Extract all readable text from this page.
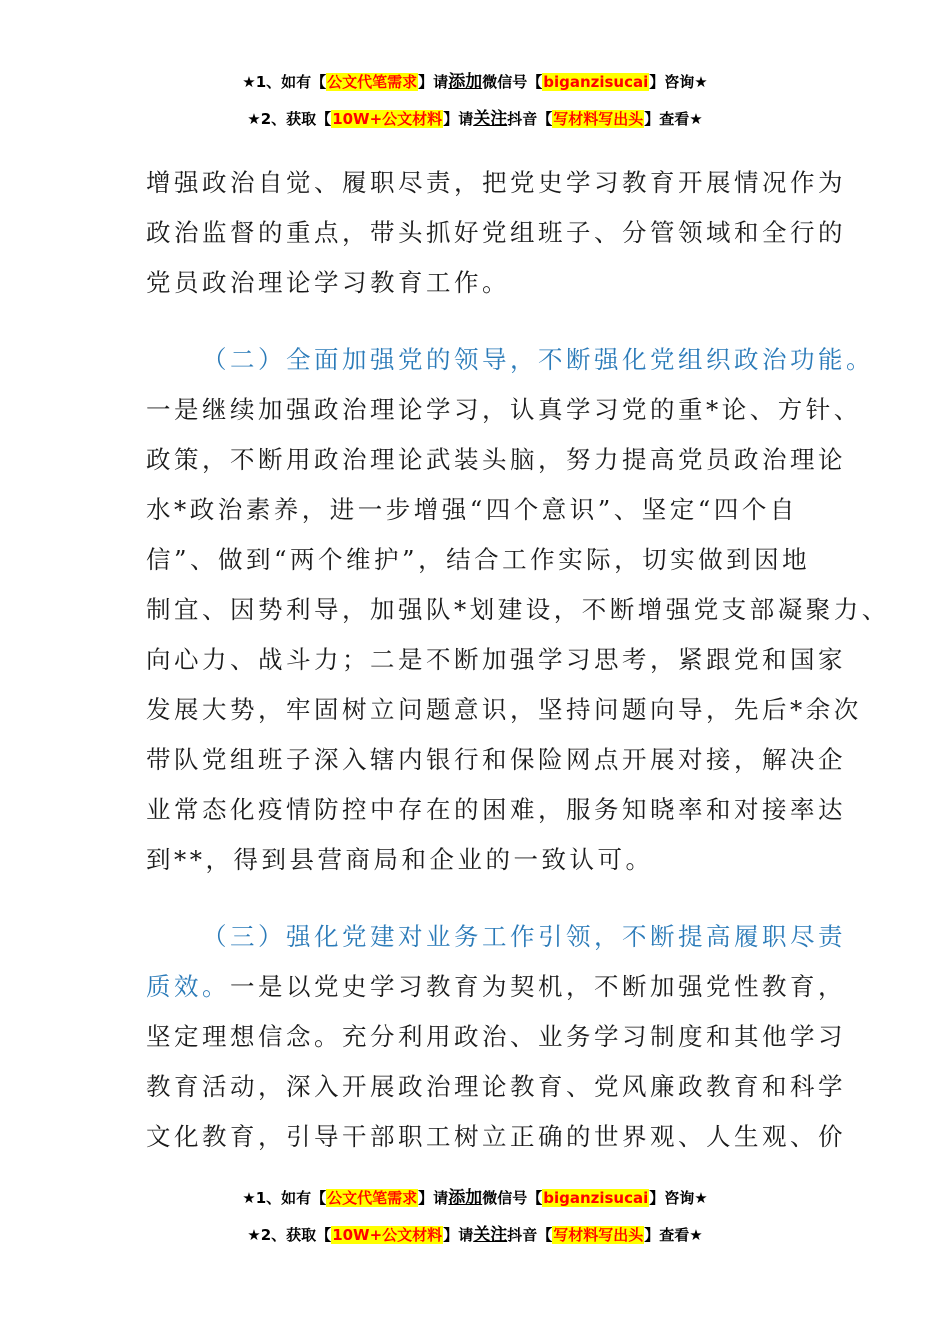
★1、如有【公文代笔需求】请添加微信号【biganzisucai】咨询★
★2、获取【10W+公文材料】请关注抖音【写材料写出头】查看★
增强政治自觉、履职尽责，把党史学习教育开展情况作为
政治监督的重点，带头抓好党组班子、分管领域和全行的
党员政治理论学习教育工作。
（二）全面加强党的领导，不断强化党组织政治功能。
一是继续加强政治理论学习，认真学习党的重*论、方针、
政策，不断用政治理论武装头脑，努力提高党员政治理论
水*政治素养，进一步增强“四个意识”、坚定“四个自
信”、做到“两个维护”，结合工作实际，切实做到因地
制宜、因势利导，加强队*划建设，不断增强党支部凝聚力、
向心力、战斗力；二是不断加强学习思考，紧跟党和国家
发展大势，牢固树立问题意识，坚持问题向导，先后*余次
带队党组班子深入辖内银行和保险网点开展对接，解决企
业常态化疫情防控中存在的困难，服务知晓率和对接率达
到**，得到县营商局和企业的一致认可。
（三）强化党建对业务工作引领，不断提高履职尽责
质效。一是以党史学习教育为契机，不断加强党性教育，
坚定理想信念。充分利用政治、业务学习制度和其他学习
教育活动，深入开展政治理论教育、党风廉政教育和科学
文化教育，引导干部职工树立正确的世界观、人生观、价
★1、如有【公文代笔需求】请添加微信号【biganzisucai】咨询★
★2、获取【10W+公文材料】请关注抖音【写材料写出头】查看★
